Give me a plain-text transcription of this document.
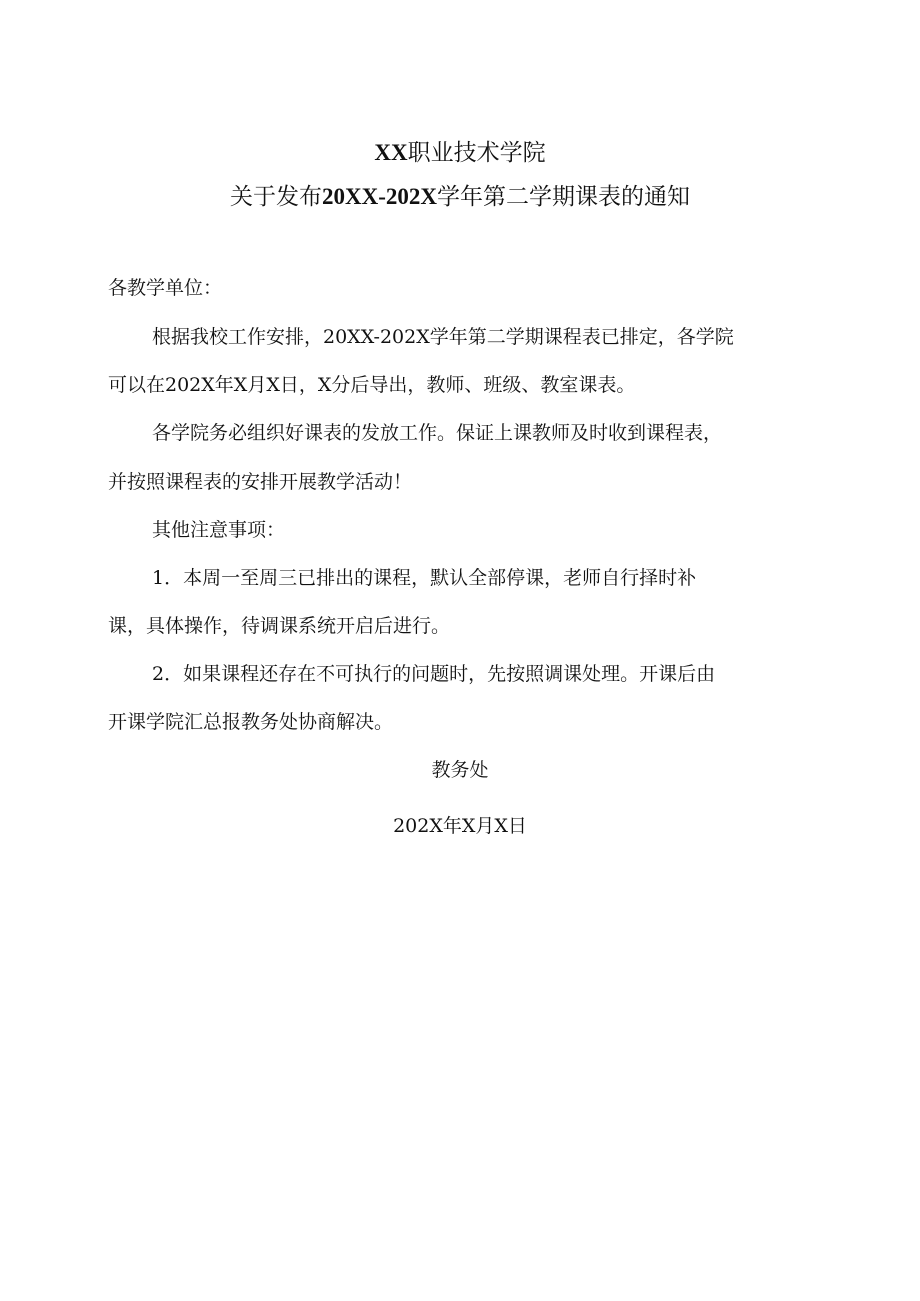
XX职业技术学院
关于发布20XX-202X学年第二学期课表的通知
各教学单位：
根据我校工作安排，20XX-202X学年第二学期课程表已排定，各学院
可以在202X年X月X日，X分后导出，教师、班级、教室课表。
各学院务必组织好课表的发放工作。保证上课教师及时收到课程表，
并按照课程表的安排开展教学活动！
其他注意事项：
1．本周一至周三已排出的课程，默认全部停课，老师自行择时补
课，具体操作，待调课系统开启后进行。
2．如果课程还存在不可执行的问题时，先按照调课处理。开课后由
开课学院汇总报教务处协商解决。
教务处
202X年X月X日
